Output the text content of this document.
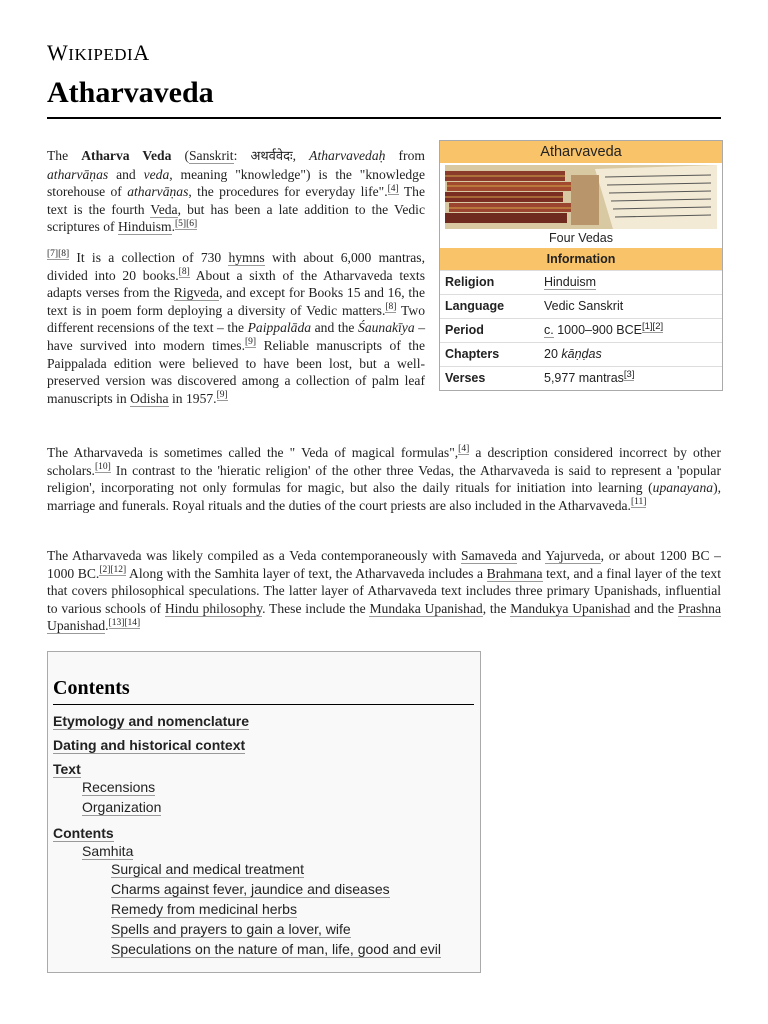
WIKIPEDIA
Atharvaveda

The Atharva Veda (Sanskrit: अथर्ववेदः, Atharvavedaḥ from atharvāṇas and veda, meaning "knowledge") is the "knowledge storehouse of atharvāṇas, the procedures for everyday life".[4] The text is the fourth Veda, but has been a late addition to the Vedic scriptures of Hinduism.[5][6]

[7][8] It is a collection of 730 hymns with about 6,000 mantras, divided into 20 books.[8] About a sixth of the Atharvaveda texts adapts verses from the Rigveda, and except for Books 15 and 16, the text is in poem form deploying a diversity of Vedic matters.[8] Two different recensions of the text – the Paippalāda and the Śaunakīya – have survived into modern times.[9] Reliable manuscripts of the Paippalada edition were believed to have been lost, but a well-preserved version was discovered among a collection of palm leaf manuscripts in Odisha in 1957.[9]

The Atharvaveda is sometimes called the " Veda of magical formulas",[4] a description considered incorrect by other scholars.[10] In contrast to the 'hieratic religion' of the other three Vedas, the Atharvaveda is said to represent a 'popular religion', incorporating not only formulas for magic, but also the daily rituals for initiation into learning (upanayana), marriage and funerals. Royal rituals and the duties of the court priests are also included in the Atharvaveda.[11]

The Atharvaveda was likely compiled as a Veda contemporaneously with Samaveda and Yajurveda, or about 1200 BC – 1000 BC.[2][12] Along with the Samhita layer of text, the Atharvaveda includes a Brahmana text, and a final layer of the text that covers philosophical speculations. The latter layer of Atharvaveda text includes three primary Upanishads, influential to various schools of Hindu philosophy. These include the Mundaka Upanishad, the Mandukya Upanishad and the Prashna Upanishad.[13][14]

Atharvaveda
Four Vedas
Information
Religion	Hinduism
Language	Vedic Sanskrit
Period	c. 1000–900 BCE[1][2]
Chapters	20 kāṇḍas
Verses	5,977 mantras[3]
Contents
Etymology and nomenclature
Dating and historical context
Text
Recensions
Organization
Contents
Samhita
Surgical and medical treatment
Charms against fever, jaundice and diseases
Remedy from medicinal herbs
Spells and prayers to gain a lover, wife
Speculations on the nature of man, life, good and evil
